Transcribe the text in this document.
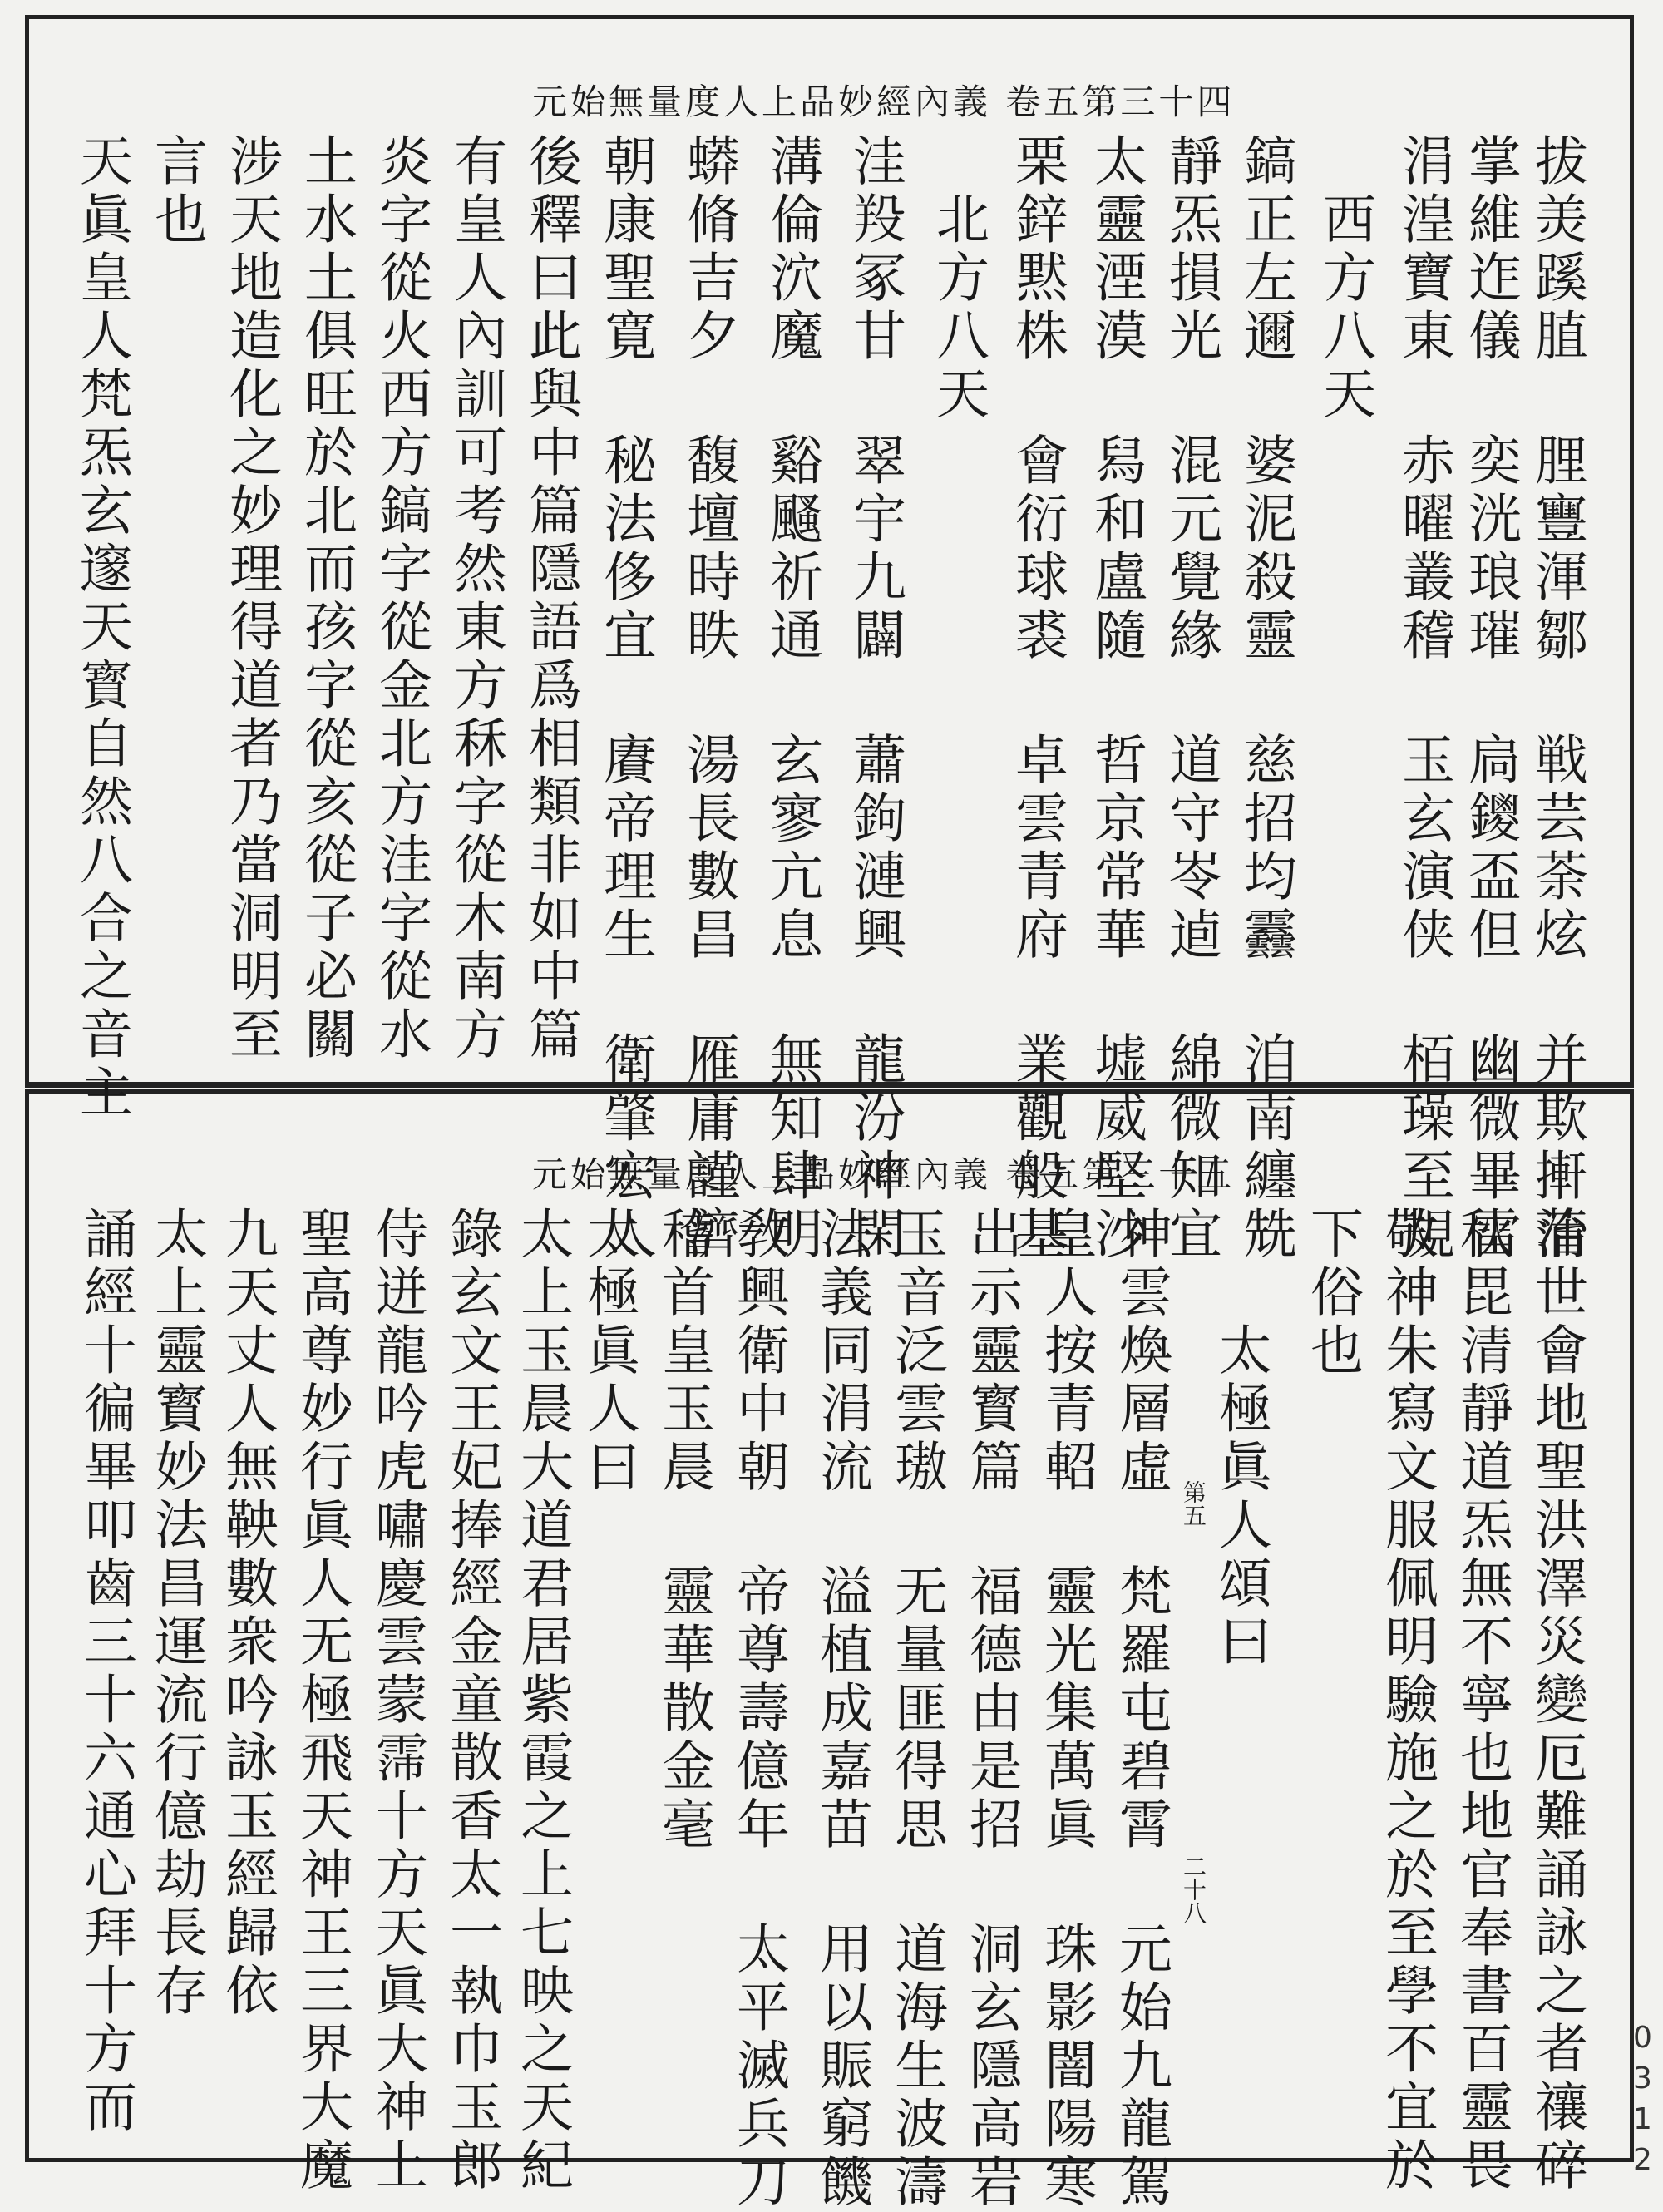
元始無量度人上品妙經內義 卷五第三十四
拔羙蹊䐈 䤚寷渾鄒 戦芸荼炫 并欺搟蒲
掌維迮儀 奕洸琅璀 扃鑁盃但 幽微畢雷
涓湟寶東 赤曜叢稽 玉玄演侠 栢璪至規
　西方八天
鎬正左邇 婆泥殺靈 慈招均䨺 洎南纏兟
靜炁損光 混元覺緣 道守岺逌 綿微知宜
太靈湮漠 舄和盧隨 哲京常華 墟威堅沙
栗鋅黙株 會衍球裘 卓雲青府 業觀般基
　北方八天
洼羖冢甘 翠宇九闢 蕭鉤漣興 龍汾神閑
溝倫泬魔 谿颾祈通 玄寥亢息 無知肆明
蟒脩吉夕 馥壇時眣 湯長數昌 雁庸謹濟
朝康聖寛 秘法侈宜 賡帝理生 衛肇宏人
後釋曰此與中篇隱語爲相類非如中篇
有皇人內訓可考然東方秝字從木南方
炎字從火西方鎬字從金北方洼字從水
土水土俱旺於北而孩字從亥從子必關
涉天地造化之妙理得道者乃當洞明至
言也
天眞皇人梵炁玄邃天寳自然八合之音主
元始無量度人上品妙經內義 卷五第三十五
治世會地聖洪澤災變厄難誦詠之者禳碎
秋毘清靜道炁無不寧也地官奉書百靈畏
敬神朱寫文服佩明驗施之於至學不宜於
下俗也
　　太極眞人頌曰
第五
二十八
神雲煥層虛 梵羅屯碧霄 元始九龍駕
皇人按青軺 靈光集萬眞 珠影闇陽寒
出示靈寳篇 福德由是招 洞玄隱高岩
玉音泛雲璈 无量匪得思 道海生波濤
法義同涓流 溢植成嘉苗 用以賑窮饑
敎興衛中朝 帝尊壽億年 太平滅兵刀
稽首皇玉晨 靈華散金毫
太極眞人曰
太上玉晨大道君居紫霞之上七映之天紀
錄玄文王妃捧經金童散香太一執巾玉郎
侍迸龍吟虎嘯慶雲蒙霈十方天眞大神上
聖高尊妙行眞人无極飛天神王三界大魔
九天丈人無鞅數衆吟詠玉經歸依
太上靈寳妙法昌運流行億劫長存
誦經十徧畢叩齒三十六通心拜十方而	0312
